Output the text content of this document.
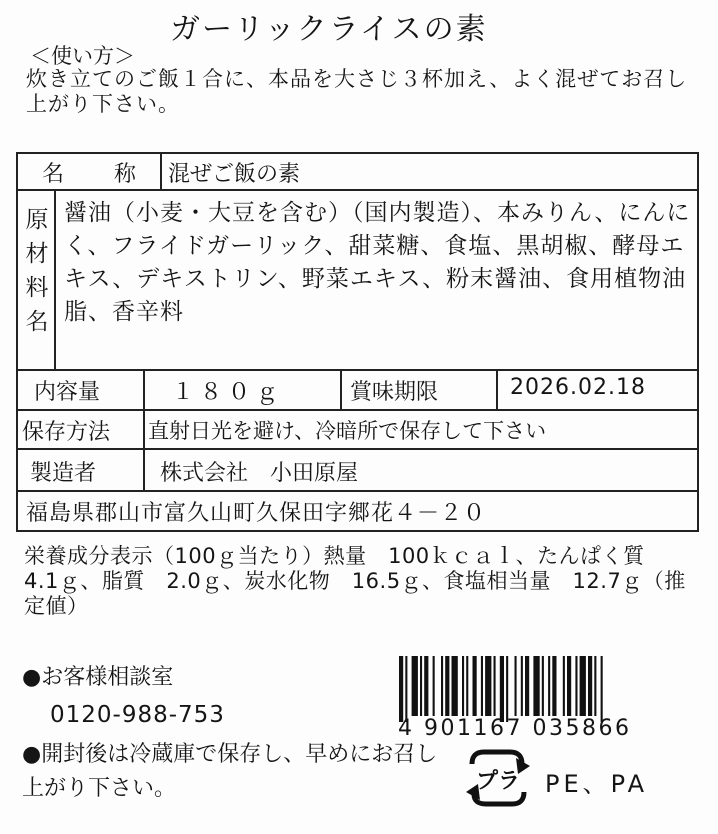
ガーリックライスの素
＜使い方＞
炊き立てのご飯１合に、本品を大さじ３杯加え、よく混ぜてお召し上がり下さい。
名　称 混ぜご飯の素
原材料名
醤油（小麦・大豆を含む）（国内製造）、本みりん、にんにく、フライドガーリック、甜菜糖、食塩、黒胡椒、酵母エキス、デキストリン、野菜エキス、粉末醤油、食用植物油脂、香辛料
内容量	１８０ｇ	賞味期限	2026.02.18
保存方法 直射日光を避け、冷暗所で保存して下さい
製造者	株式会社　小田原屋
福島県郡山市富久山町久保田字郷花４－２０
栄養成分表示（100ｇ当たり）熱量　100ｋｃａｌ、たんぱく質　4.1ｇ、脂質　2.0ｇ、炭水化物　16.5ｇ、食塩相当量　12.7ｇ（推定値）
●お客様相談室
0120-988-753
●開封後は冷蔵庫で保存し、早めにお召し上がり下さい。
4 901167 035866
プラ PE、PA
